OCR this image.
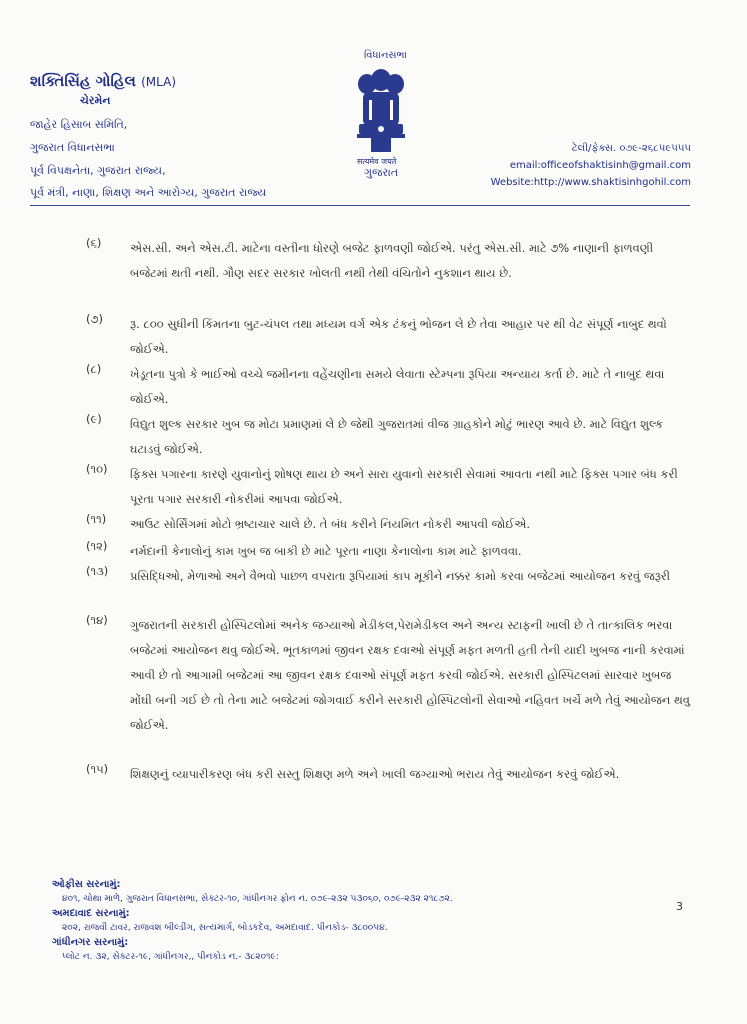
શક્તિસિંહ ગોહિલ (MLA)
ચેરમેન
જાહેર હિસાબ સમિતિ,
ગુજરાત વિધાનસભા
પૂર્વ વિપક્ષનેતા, ગુજરાત રાજ્ય,
પૂર્વ મંત્રી, નાણા, શિક્ષણ અને આરોગ્ય, ગુજરાત રાજ્ય
વિધાનસભા
सत्यमेव जयते
ગુજરાત
ટેલી/ફેક્સ. ૦૭૯-૨૬૮૫૯૫૫૫
email:officeofshaktisinh@gmail.com
Website:http://www.shaktisinhgohil.com
(૬) એસ.સી. અને એસ.ટી. માટેના વસ્તીના ધોરણે બજેટ ફાળવણી જોઈએ. પરંતુ એસ.સી. માટે ૭% નાણાની ફાળવણી બજેટમાં થતી નથી. ગૌણ સદર સરકાર ખોલતી નથી તેથી વંચિતોને નુકશાન થાય છે.
(૭) રૂ. ૮૦૦ સુધીની કિંમતના બુટ-ચંપલ તથા મધ્યમ વર્ગ એક ટંકનું ભોજન લે છે તેવા આહાર પર થી વેટ સંપૂર્ણ નાબુદ થવો જોઈએ.
(૮) ખેડૂતના પુત્રો કે ભાઈઓ વચ્ચે જમીનના વહેંચણીના સમયે લેવાતા સ્ટેમ્પના રૂપિયા અન્યાય કર્તા છે. માટે તે નાબુદ થવા જોઈએ.
(૯) વિદ્યુત શુલ્ક સરકાર ખુબ જ મોટા પ્રમાણમાં લે છે જેથી ગુજરાતમાં વીજ ગ્રાહકોને મોટું ભારણ આવે છે. માટે વિદ્યુત શુલ્ક ઘટાડવું જોઈએ.
(૧૦) ફિક્સ પગારના કારણે યુવાનોનું શોષણ થાય છે અને સારા યુવાનો સરકારી સેવામાં આવતા નથી માટે ફિક્સ પગાર બંધ કરી પૂરતા પગાર સરકારી નોકરીમાં આપવા જોઈએ.
(૧૧) આઉટ સોર્સિંગમાં મોટો ભ્રષ્ટાચાર ચાલે છે. તે બંધ કરીને નિયમિત નોકરી આપવી જોઈએ.
(૧૨) નર્મદાની કેનાલોનું કામ ખુબ જ બાકી છે માટે પૂરતા નાણા કેનાલોના કામ માટે ફાળવવા.
(૧૩) પ્રસિદ્ધિઓ, મેળાઓ અને વૈભવો પાછળ વપરાતા રૂપિયામાં કાપ મૂકીને નક્કર કામો કરવા બજેટમાં આયોજન કરવું જરૂરી
(૧૪) ગુજરાતની સરકારી હોસ્પિટલોમાં અનેક જગ્યાઓ મેડીકલ,પેરામેડીકલ અને અન્ય સ્ટાફની ખાલી છે તે તાત્કાલિક ભરવા બજેટમાં આયોજન થવુ જોઈએ. ભૂતકાળમાં જીવન રક્ષક દવાઓ સંપૂર્ણ મફત મળતી હતી તેની યાદી ખુબજ નાની કરવામાં આવી છે તો આગામી બજેટમાં આ જીવન રક્ષક દવાઓ સંપૂર્ણ મફત કરવી જોઈએ. સરકારી હોસ્પિટલમાં સારવાર ખુબજ મોંઘી બની ગઈ છે તો તેના માટે બજેટમાં જોગવાઈ કરીને સરકારી હોસ્પિટલોની સેવાઓ નહિવત ખર્ચે મળે તેવું આયોજન થવુ જોઈએ.
(૧૫) શિક્ષણનું વ્યાપારીકરણ બંધ કરી સસ્તુ શિક્ષણ મળે અને ખાલી જગ્યાઓ ભરાય તેવું આયોજન કરવું જોઈએ.
ઓફીસ સરનામું:
૪૦૧, ચોથા માળે, ગુજરાત વિધાનસભા, સેક્ટર-૧૦, ગાંધીનગર ફોન ન. ૦૭૯-૨૩૨ ૫૩૦૬૦, ૦૭૯-૨૩૨ ૨૧૮૭૨.
અમદાવાદ સરનામું:
૨૦૨, રાજવી ટાવર, રાજવંશ બીલ્ડીંગ, સત્યમાર્ગ, બોડકદેવ, અમદાવાદ. પીનકોડ- ૩૮૦૦૫૪.
ગાંધીનગર સરનામું:
પ્લોટ ન. ૩૨, સેક્ટર-૧૯, ગાંધીનગર,, પીનકોડ ન.- ૩૮૨૦૧૯:
3
